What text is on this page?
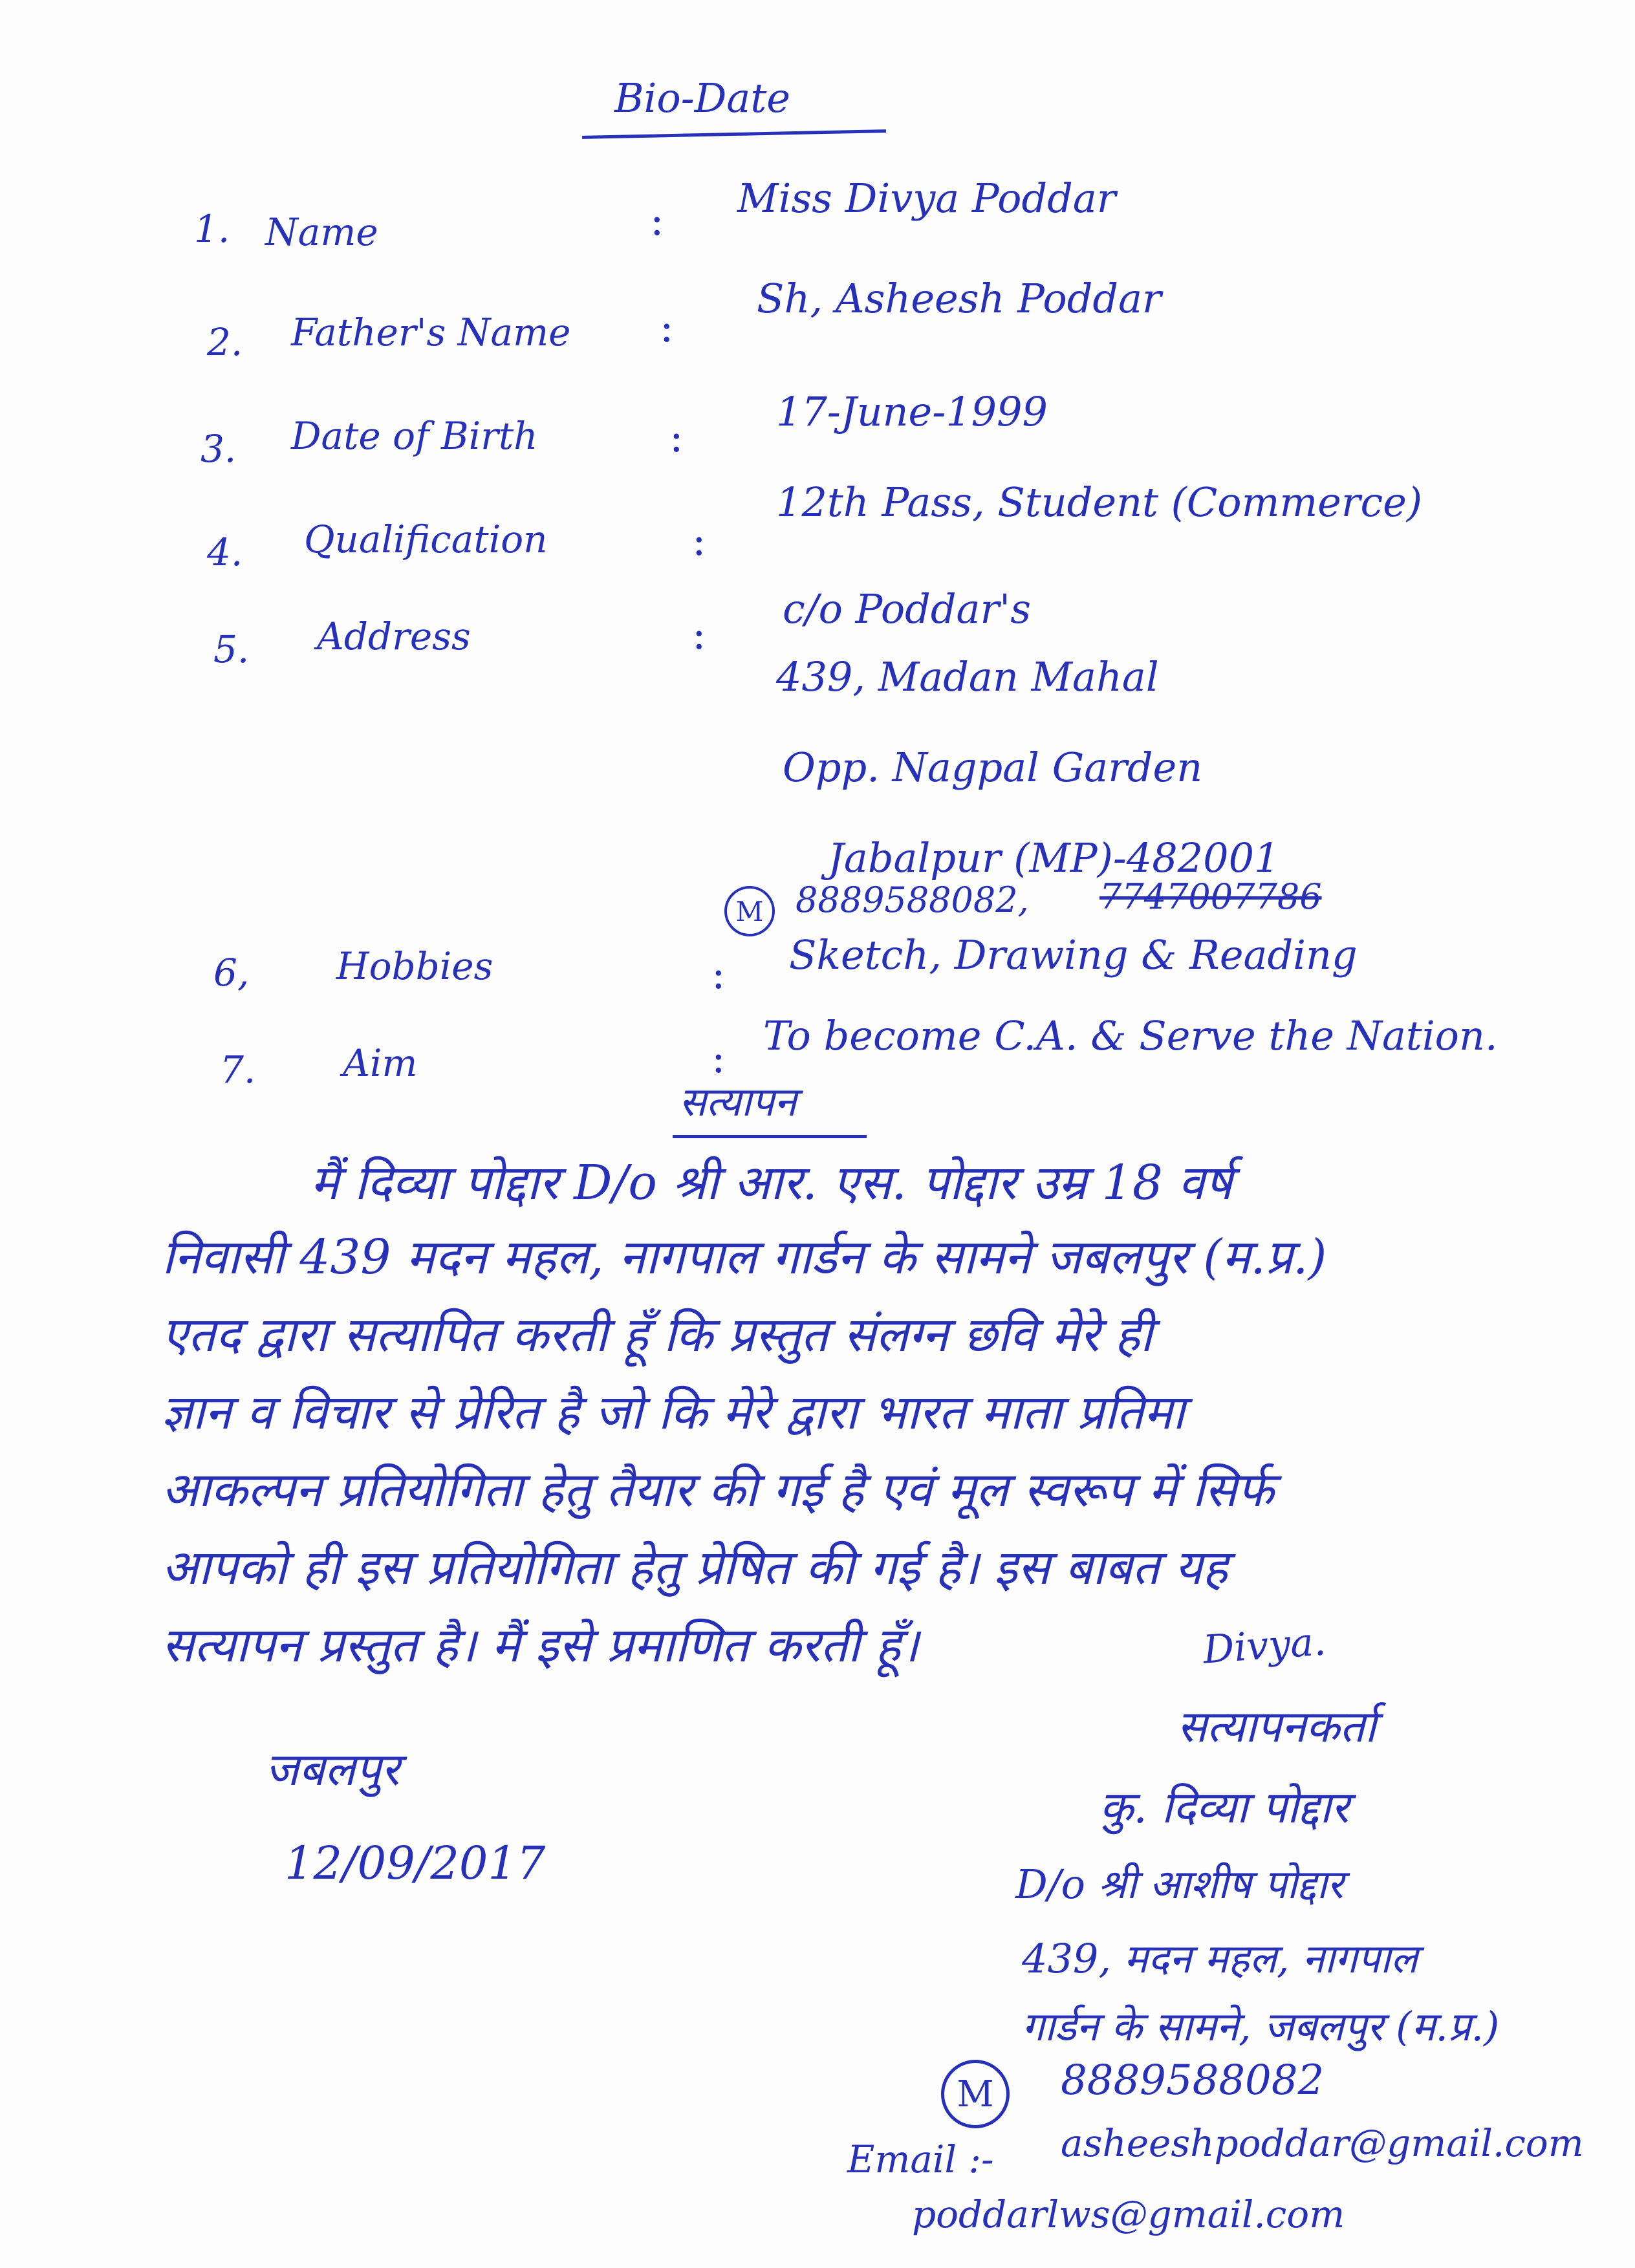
Bio-Date
1. Name	: Miss Divya Poddar
2. Father's Name :
Sh, Asheesh Poddar
3. Date of Birth	:
17-June-1999
4. Qualification	:
12th Pass, Student (Commerce)
5. Address	:
c/o Poddar's
439, Madan Mahal
Opp. Nagpal Garden
Jabalpur (MP)-482001
M 8889588082, 7747007786
6, Hobbies	: Sketch, Drawing & Reading
7. Aim	: To become C.A. & Serve the Nation.
सत्यापन
मैं दिव्या पोद्दार D/o श्री आर. एस. पोद्दार उम्र 18 वर्ष
निवासी 439 मदन महल, नागपाल गार्डन के सामने जबलपुर (म.प्र.)
एतद द्वारा सत्यापित करती हूँ कि प्रस्तुत संलग्न छवि मेरे ही
ज्ञान व विचार से प्रेरित है जो कि मेरे द्वारा भारत माता प्रतिमा
आकल्पन प्रतियोगिता हेतु तैयार की गई है एवं मूल स्वरूप में सिर्फ
आपको ही इस प्रतियोगिता हेतु प्रेषित की गई है। इस बाबत यह
सत्यापन प्रस्तुत है। मैं इसे प्रमाणित करती हूँ।
जबलपुर
12/09/2017
Divya.
सत्यापनकर्ता
कु. दिव्या पोद्दार
D/o श्री आशीष पोद्दार
439, मदन महल, नागपाल
गार्डन के सामने, जबलपुर (म.प्र.)
M	8889588082
Email :- asheeshpoddar@gmail.com
poddarlws@gmail.com
